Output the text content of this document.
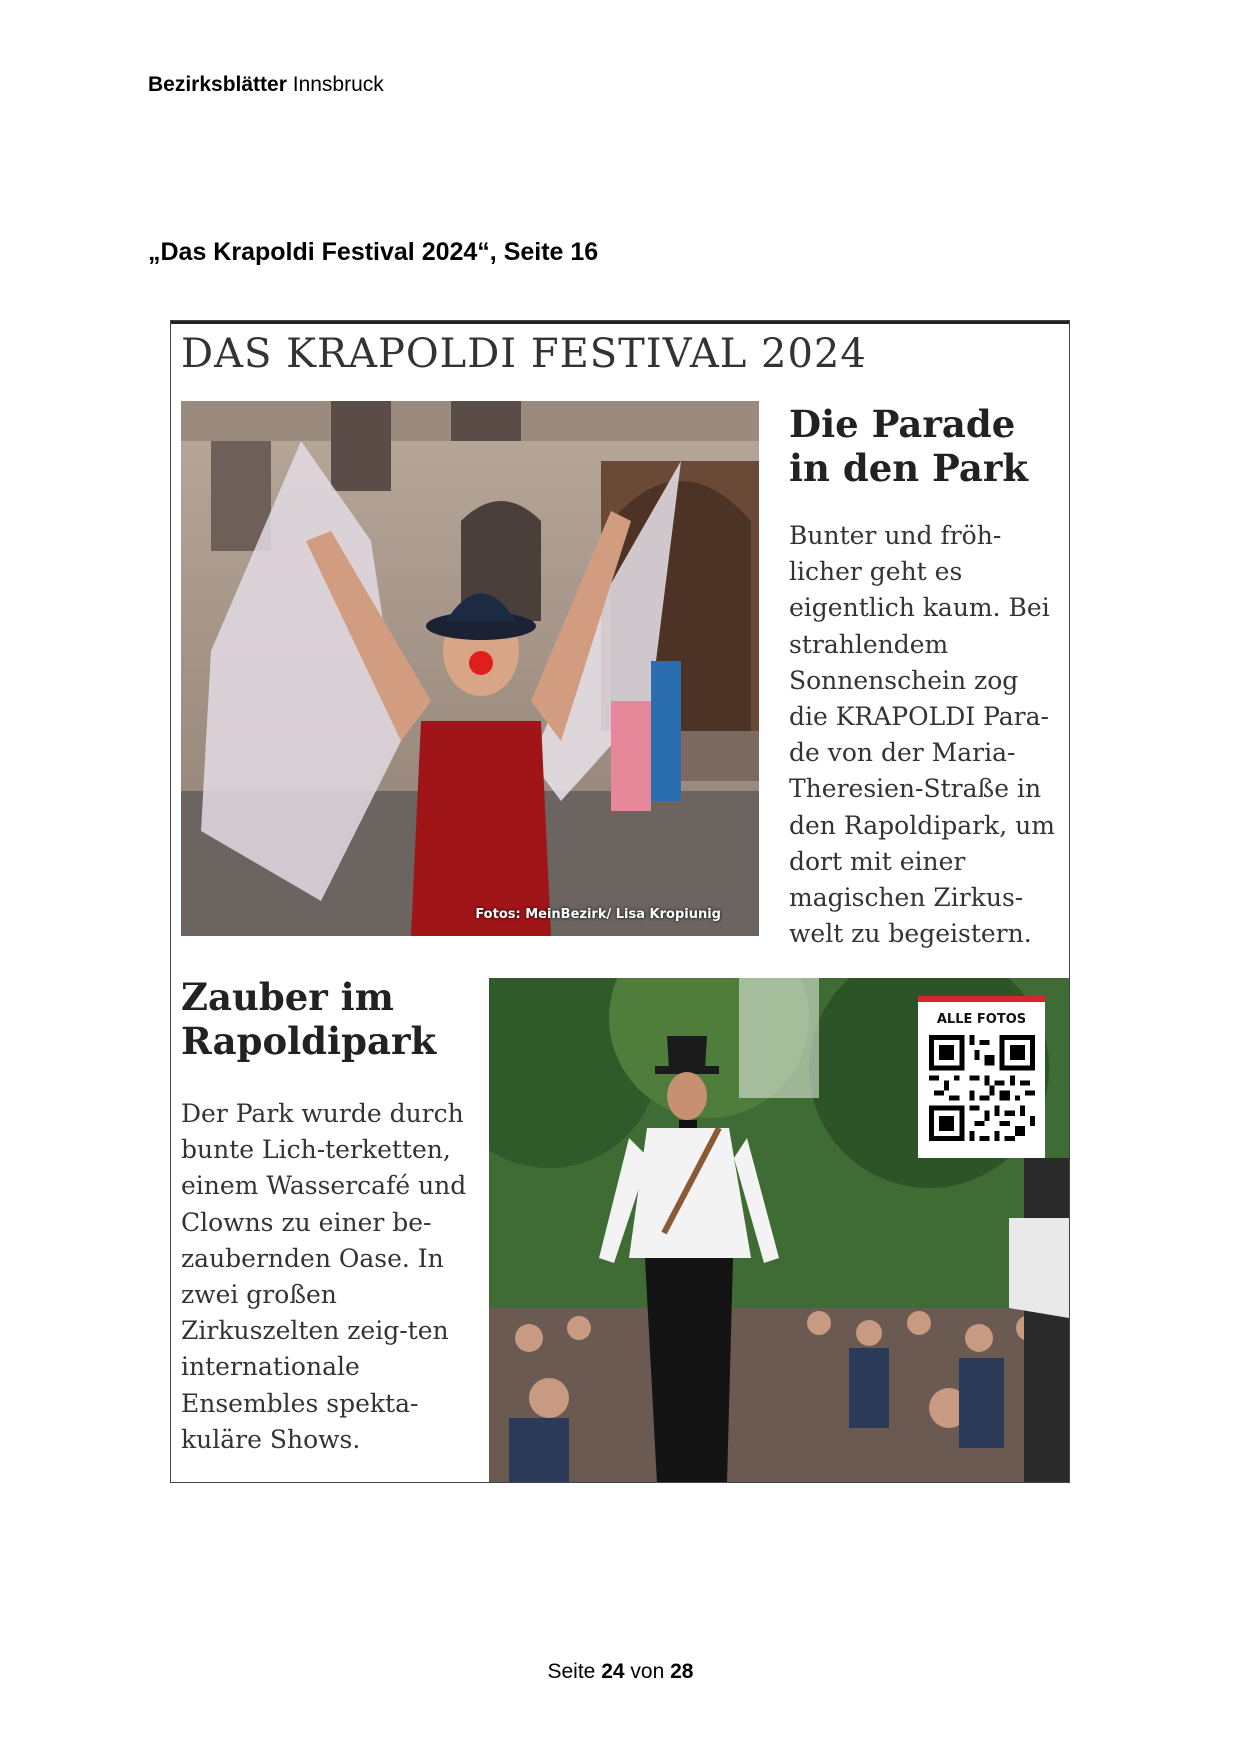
Bezirksblätter Innsbruck
„Das Krapoldi Festival 2024“, Seite 16
DAS KRAPOLDI FESTIVAL 2024
Fotos: MeinBezirk/ Lisa Kropiunig
Die Parade in den Park
Bunter und fröh-licher geht es eigentlich kaum. Bei strahlendem Sonnenschein zog die KRAPOLDI Para-de von der Maria-Theresien-Straße in den Rapoldipark, um dort mit einer magischen Zirkus-welt zu begeistern.
Zauber im Rapoldipark
Der Park wurde durch bunte Lich-terketten, einem Wassercafé und Clowns zu einer be-zaubernden Oase. In zwei großen Zirkuszelten zeig-ten internationale Ensembles spekta-kuläre Shows.
ALLE FOTOS
Seite 24 von 28
